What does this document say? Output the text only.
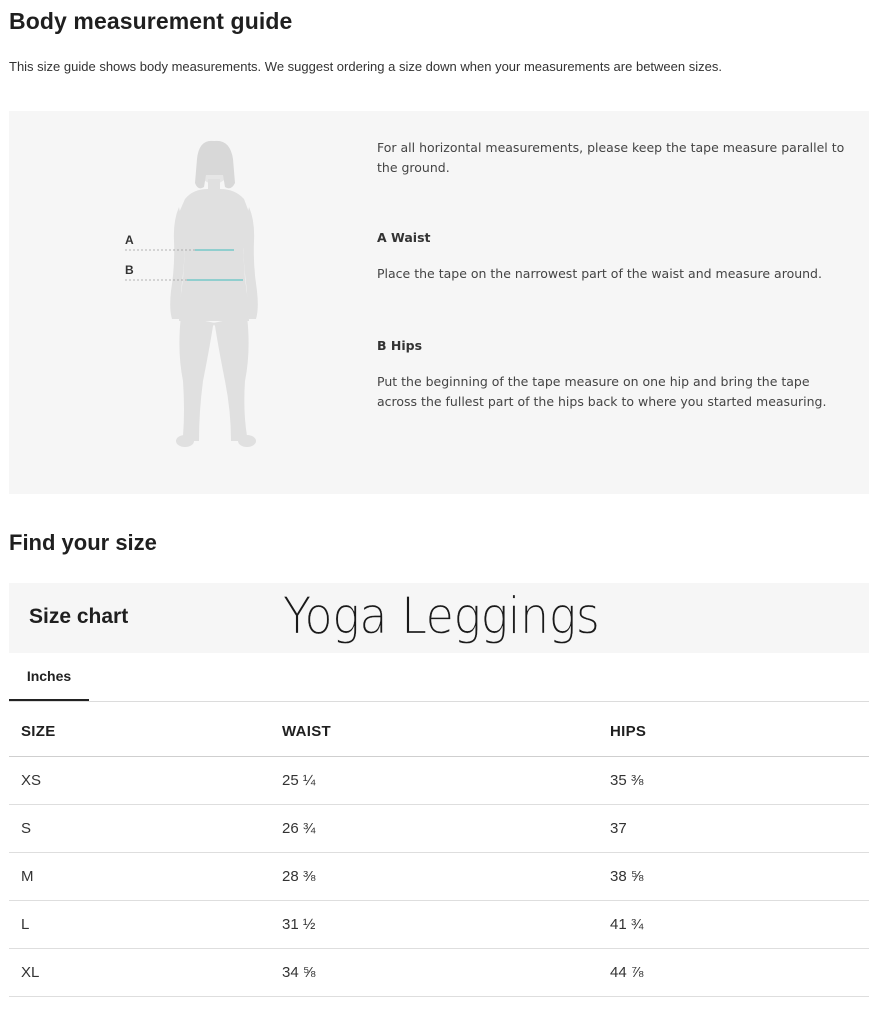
Body measurement guide

This size guide shows body measurements. We suggest ordering a size down when your measurements are between sizes.

A
B

For all horizontal measurements, please keep the tape measure parallel to the ground.

A Waist

Place the tape on the narrowest part of the waist and measure around.

B Hips

Put the beginning of the tape measure on one hip and bring the tape across the fullest part of the hips back to where you started measuring.

Find your size
Size chart	Yoga Leggings
Inches
SIZE	WAIST	HIPS
XS	25 ¼	35 ⅜
S	26 ¾	37
M	28 ⅜	38 ⅝
L	31 ½	41 ¾
XL	34 ⅝	44 ⅞
